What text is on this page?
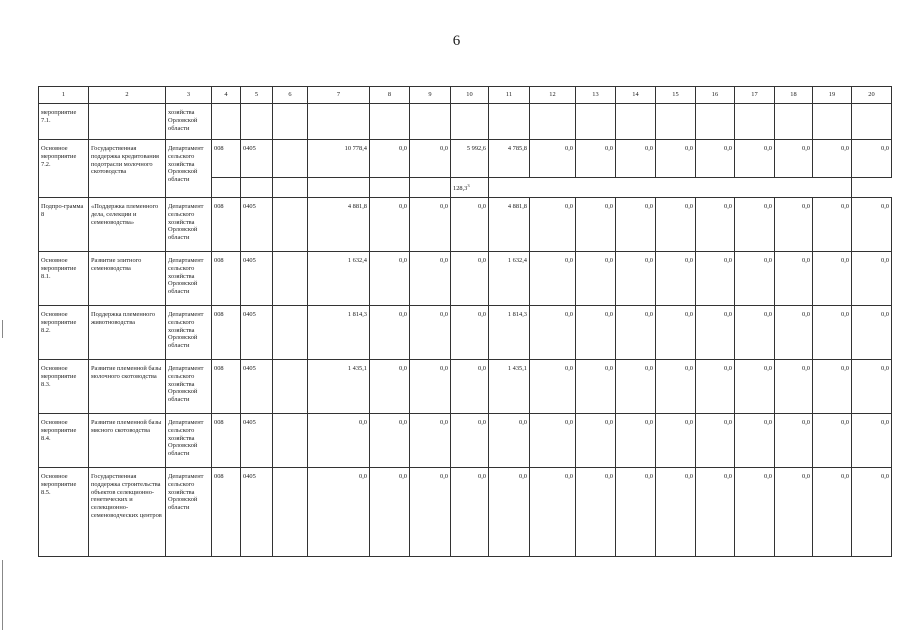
6
1	2	3	4	5	6	7	8	9	10	11	12	13	14	15	16	17	18	19	20
мероприятие 7.1.		хозяйства Орловской области																	
Основное мероприятие 7.2.	Государственная поддержка кредитования подотрасли молочного скотоводства	Департамент сельского хозяйства Орловской области	008	0405		10 778,4	0,0	0,0	5 992,6	4 785,8	0,0	0,0	0,0	0,0	0,0	0,0	0,0	0,0	0,0
									128,3$^3$	
Подпро-грамма 8	«Поддержка племенного дела, селекции и семеноводства»	Департамент сельского хозяйства Орловской области	008	0405		4 881,8	0,0	0,0	0,0	4 881,8	0,0	0,0	0,0	0,0	0,0	0,0	0,0	0,0	0,0
Основное мероприятие 8.1.	Развитие элитного семеноводства	Департамент сельского хозяйства Орловской области	008	0405		1 632,4	0,0	0,0	0,0	1 632,4	0,0	0,0	0,0	0,0	0,0	0,0	0,0	0,0	0,0
Основное мероприятие 8.2.	Поддержка племенного животноводства	Департамент сельского хозяйства Орловской области	008	0405		1 814,3	0,0	0,0	0,0	1 814,3	0,0	0,0	0,0	0,0	0,0	0,0	0,0	0,0	0,0
Основное мероприятие 8.3.	Развитие племенной базы молочного скотоводства	Департамент сельского хозяйства Орловской области	008	0405		1 435,1	0,0	0,0	0,0	1 435,1	0,0	0,0	0,0	0,0	0,0	0,0	0,0	0,0	0,0
Основное мероприятие 8.4.	Развитие племенной базы мясного скотоводства	Департамент сельского хозяйства Орловской области	008	0405		0,0	0,0	0,0	0,0	0,0	0,0	0,0	0,0	0,0	0,0	0,0	0,0	0,0	0,0
Основное мероприятие 8.5.	Государственная поддержка строительства объектов селекционно-генетических и селекционно-семеноводческих центров	Департамент сельского хозяйства Орловской области	008	0405		0,0	0,0	0,0	0,0	0,0	0,0	0,0	0,0	0,0	0,0	0,0	0,0	0,0	0,0
